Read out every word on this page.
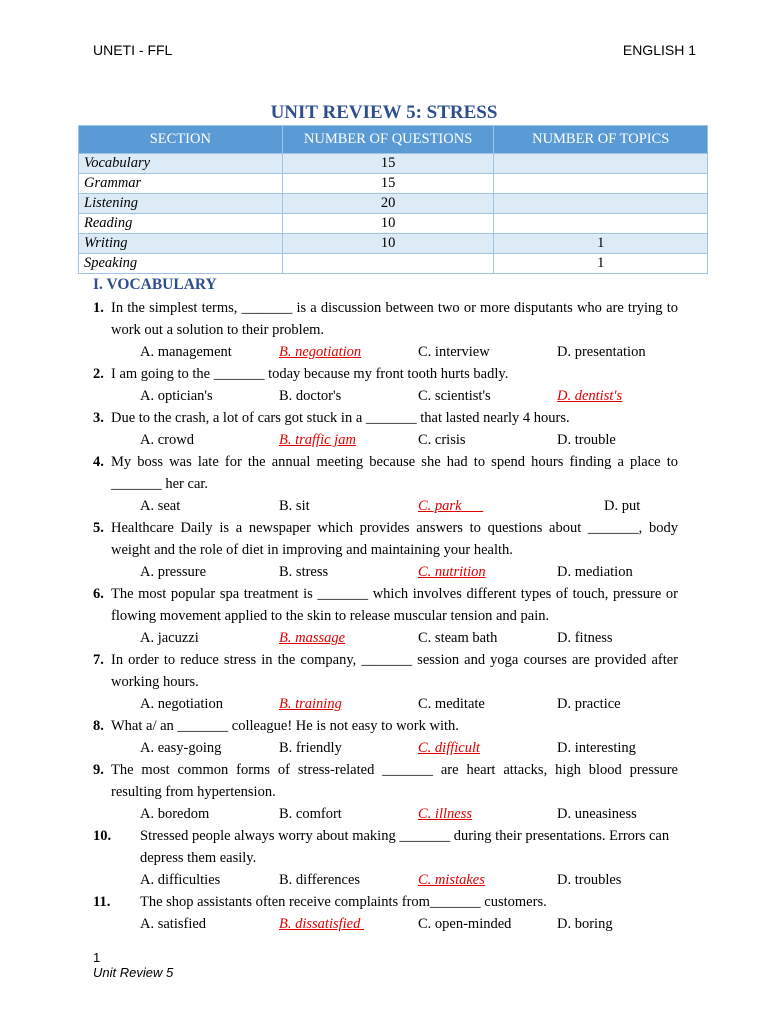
UNETI - FFL	ENGLISH 1
UNIT REVIEW 5: STRESS
SECTION	NUMBER OF QUESTIONS	NUMBER OF TOPICS
Vocabulary	15	
Grammar	15	
Listening	20	
Reading	10	
Writing	10	1
Speaking		1
I. VOCABULARY
1. In the simplest terms, _______ is a discussion between two or more disputants who are trying to work out a solution to their problem.
A. management	B. negotiation	C. interview	D. presentation
2. I am going to the _______ today because my front tooth hurts badly.
A. optician's	B. doctor's	C. scientist's	D. dentist's
3. Due to the crash, a lot of cars got stuck in a _______ that lasted nearly 4 hours.
A. crowd	B. traffic jam	C. crisis	D. trouble
4. My boss was late for the annual meeting because she had to spend hours finding a place to _______ her car.
A. seat	B. sit	C. park	D. put
5. Healthcare Daily is a newspaper which provides answers to questions about _______, body weight and the role of diet in improving and maintaining your health.
A. pressure	B. stress	C. nutrition	D. mediation
6. The most popular spa treatment is _______ which involves different types of touch, pressure or flowing movement applied to the skin to release muscular tension and pain.
A. jacuzzi	B. massage	C. steam bath	D. fitness
7. In order to reduce stress in the company, _______ session and yoga courses are provided after working hours.
A. negotiation	B. training	C. meditate	D. practice
8. What a/ an _______ colleague! He is not easy to work with.
A. easy-going	B. friendly	C. difficult	D. interesting
9. The most common forms of stress-related _______ are heart attacks, high blood pressure resulting from hypertension.
A. boredom	B. comfort	C. illness	D. uneasiness
10. Stressed people always worry about making _______ during their presentations. Errors can depress them easily.
A. difficulties	B. differences	C. mistakes	D. troubles
11. The shop assistants often receive complaints from_______ customers.
A. satisfied	B. dissatisfied	C. open-minded	D. boring
1
Unit Review 5
